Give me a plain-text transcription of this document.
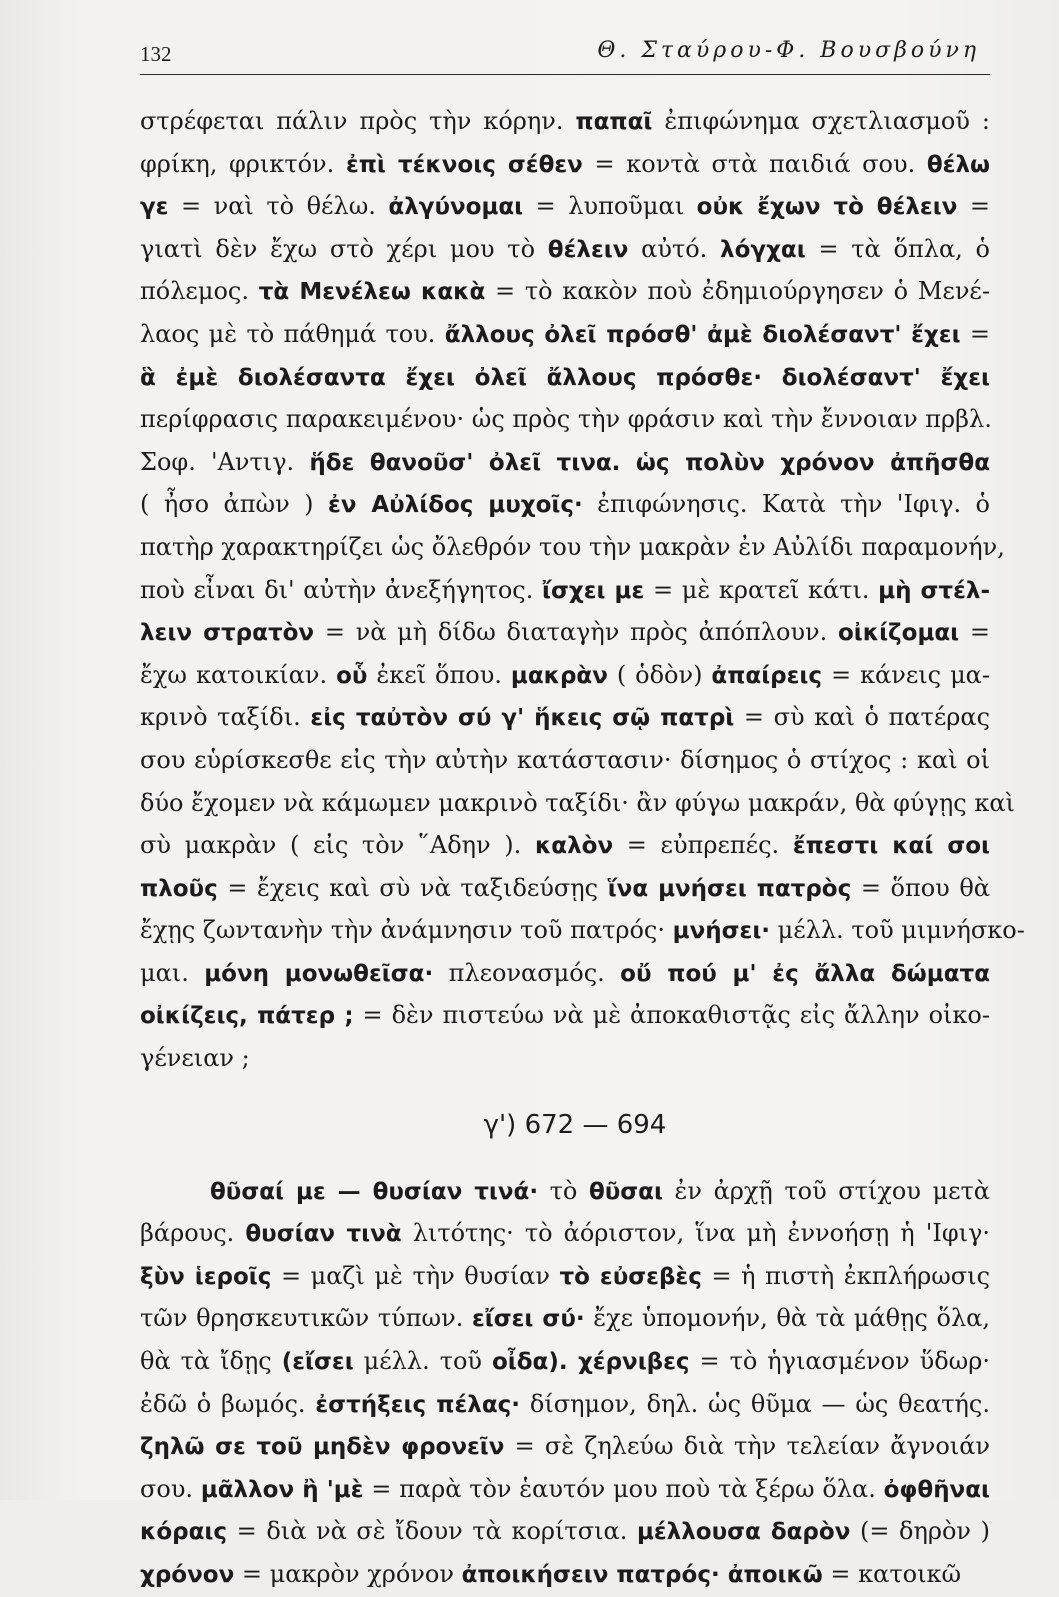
132	Θ. Σταύρου-Φ. Βουσβούνη
στρέφεται πάλιν πρὸς τὴν κόρην. παπαῖ ἐπιφώνημα σχετλιασμοῦ :
φρίκη, φρικτόν. ἐπὶ τέκνοις σέθεν = κοντὰ στὰ παιδιά σου. θέλω
γε = ναὶ τὸ θέλω. ἀλγύνομαι = λυποῦμαι οὐκ ἔχων τὸ θέλειν =
γιατὶ δὲν ἔχω στὸ χέρι μου τὸ θέλειν αὐτό. λόγχαι = τὰ ὅπλα, ὁ
πόλεμος. τὰ Μενέλεω κακὰ = τὸ κακὸν ποὺ ἐδημιούργησεν ὁ Μενέ-
λαος μὲ τὸ πάθημά του. ἄλλους ὀλεῖ πρόσθ' ἀμὲ διολέσαντ' ἔχει =
ἃ ἐμὲ διολέσαντα ἔχει ὀλεῖ ἄλλους πρόσθε· διολέσαντ' ἔχει
περίφρασις παρακειμένου· ὡς πρὸς τὴν φράσιν καὶ τὴν ἔννοιαν πρβλ.
Σοφ. 'Αντιγ. ἥδε θανοῦσ' ὀλεῖ τινα. ὡς πολὺν χρόνον ἀπῆσθα
( ἦσο ἀπὼν ) ἐν Αὐλίδος μυχοῖς· ἐπιφώνησις. Κατὰ τὴν 'Ιφιγ. ὁ
πατὴρ χαρακτηρίζει ὡς ὄλεθρόν του τὴν μακρὰν ἐν Αὐλίδι παραμονήν,
ποὺ εἶναι δι' αὐτὴν ἀνεξήγητος. ἴσχει με = μὲ κρατεῖ κάτι. μὴ στέλ-
λειν στρατὸν = νὰ μὴ δίδω διαταγὴν πρὸς ἀπόπλουν. οἰκίζομαι =
ἔχω κατοικίαν. οὗ ἐκεῖ ὅπου. μακρὰν ( ὁδὸν) ἀπαίρεις = κάνεις μα-
κρινὸ ταξίδι. εἰς ταὐτὸν σύ γ' ἥκεις σῷ πατρὶ = σὺ καὶ ὁ πατέρας
σου εὑρίσκεσθε εἰς τὴν αὐτὴν κατάστασιν· δίσημος ὁ στίχος : καὶ οἱ
δύο ἔχομεν νὰ κάμωμεν μακρινὸ ταξίδι· ἂν φύγω μακράν, θὰ φύγῃς καὶ
σὺ μακρὰν ( εἰς τὸν ῞Αδην ). καλὸν = εὐπρεπές. ἔπεστι καί σοι
πλοῦς = ἔχεις καὶ σὺ νὰ ταξιδεύσῃς ἵνα μνήσει πατρὸς = ὅπου θὰ
ἔχῃς ζωντανὴν τὴν ἀνάμνησιν τοῦ πατρός· μνήσει· μέλλ. τοῦ μιμνήσκο-
μαι. μόνη μονωθεῖσα· πλεονασμός. οὔ πού μ' ἐς ἄλλα δώματα
οἰκίζεις, πάτερ ; = δὲν πιστεύω νὰ μὲ ἀποκαθιστᾷς εἰς ἄλλην οἰκο-
γένειαν ;
γ') 672 — 694
θῦσαί με — θυσίαν τινά· τὸ θῦσαι ἐν ἀρχῇ τοῦ στίχου μετὰ
βάρους. θυσίαν τινὰ λιτότης· τὸ ἀόριστον, ἵνα μὴ ἐννοήσῃ ἡ 'Ιφιγ·
ξὺν ἱεροῖς = μαζὶ μὲ τὴν θυσίαν τὸ εὐσεβὲς = ἡ πιστὴ ἐκπλήρωσις
τῶν θρησκευτικῶν τύπων. εἴσει σύ· ἔχε ὑπομονήν, θὰ τὰ μάθῃς ὅλα,
θὰ τὰ ἴδῃς (εἴσει μέλλ. τοῦ οἶδα). χέρνιβες = τὸ ἡγιασμένον ὕδωρ·
ἐδῶ ὁ βωμός. ἐστήξεις πέλας· δίσημον, δηλ. ὡς θῦμα — ὡς θεατής.
ζηλῶ σε τοῦ μηδὲν φρονεῖν = σὲ ζηλεύω διὰ τὴν τελείαν ἄγνοιάν
σου. μᾶλλον ἢ 'μὲ = παρὰ τὸν ἑαυτόν μου ποὺ τὰ ξέρω ὅλα. ὀφθῆναι
κόραις = διὰ νὰ σὲ ἴδουν τὰ κορίτσια. μέλλουσα δαρὸν (= δηρὸν )
χρόνον = μακρὸν χρόνον ἀποικήσειν πατρός· ἀποικῶ = κατοικῶ
